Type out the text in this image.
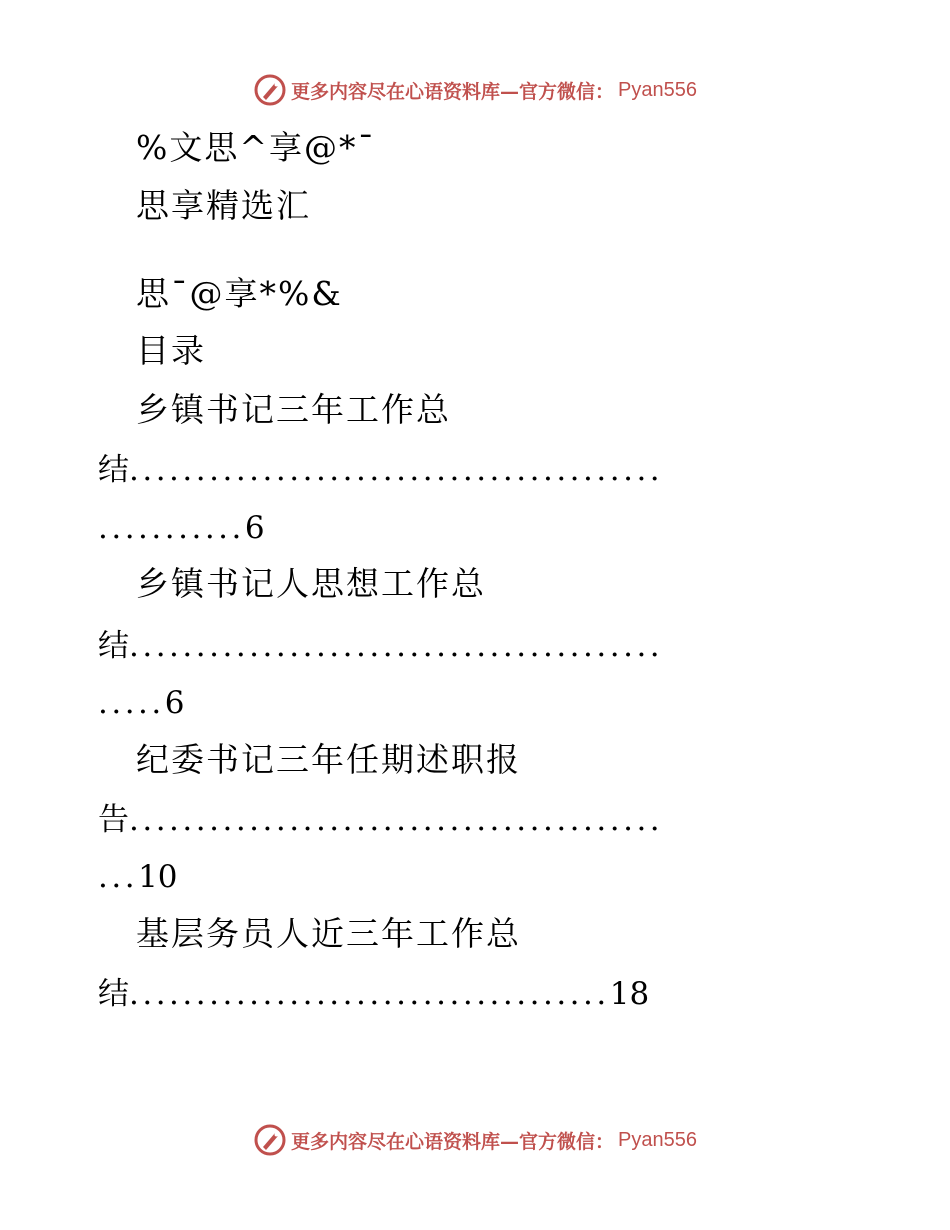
更多内容尽在心语资料库—官方微信： Pyan556
%文思^享@*¯
思享精选汇
思¯@享*%&
目录
乡镇书记三年工作总
结........................................
...........6
乡镇书记人思想工作总
结........................................
.....6
纪委书记三年任期述职报
告........................................
...10
基层务员人近三年工作总
结....................................18
更多内容尽在心语资料库—官方微信： Pyan556
